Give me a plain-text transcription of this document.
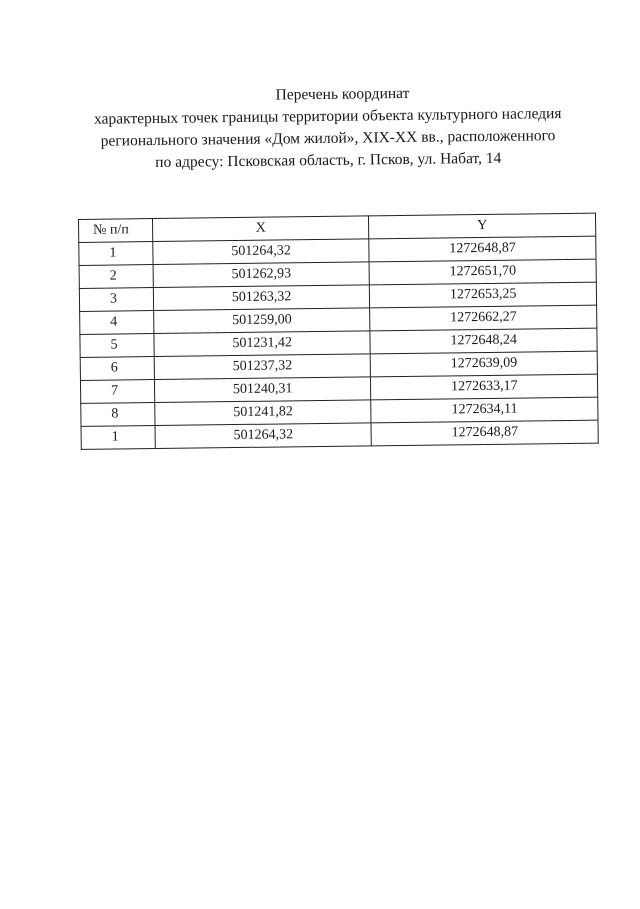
Перечень координат
характерных точек границы территории объекта культурного наследия
регионального значения «Дом жилой», XIX-XX вв., расположенного
по адресу: Псковская область, г. Псков, ул. Набат, 14
№ п/п	X	Y
1	501264,32	1272648,87
2	501262,93	1272651,70
3	501263,32	1272653,25
4	501259,00	1272662,27
5	501231,42	1272648,24
6	501237,32	1272639,09
7	501240,31	1272633,17
8	501241,82	1272634,11
1	501264,32	1272648,87
